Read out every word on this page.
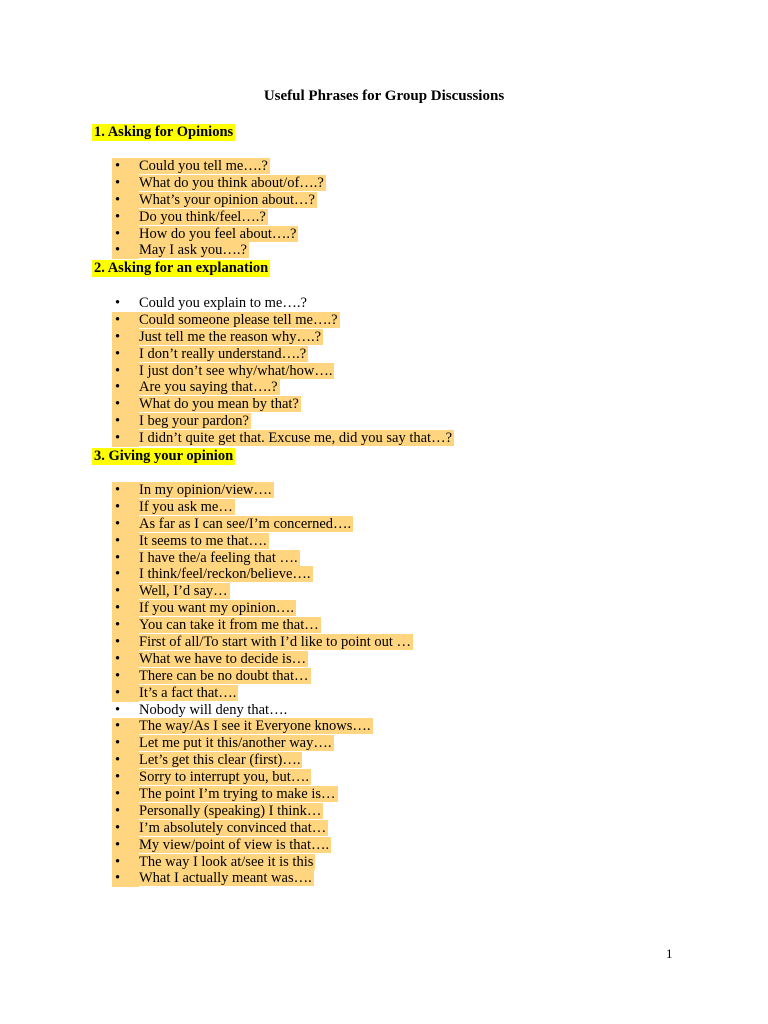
Useful Phrases for Group Discussions
1. Asking for Opinions
• Could you tell me….?
• What do you think about/of….?
• What’s your opinion about…?
• Do you think/feel….?
• How do you feel about….?
• May I ask you….?
2. Asking for an explanation
• Could you explain to me….?
• Could someone please tell me….?
• Just tell me the reason why….?
• I don’t really understand….?
• I just don’t see why/what/how….
• Are you saying that….?
• What do you mean by that?
• I beg your pardon?
• I didn’t quite get that. Excuse me, did you say that…?
3. Giving your opinion
• In my opinion/view….
• If you ask me…
• As far as I can see/I’m concerned….
• It seems to me that….
• I have the/a feeling that ….
• I think/feel/reckon/believe….
• Well, I’d say…
• If you want my opinion….
• You can take it from me that…
• First of all/To start with I’d like to point out …
• What we have to decide is…
• There can be no doubt that…
• It’s a fact that….
• Nobody will deny that….
• The way/As I see it Everyone knows….
• Let me put it this/another way….
• Let’s get this clear (first)….
• Sorry to interrupt you, but….
• The point I’m trying to make is…
• Personally (speaking) I think…
• I’m absolutely convinced that…
• My view/point of view is that….
• The way I look at/see it is this
• What I actually meant was….
1
